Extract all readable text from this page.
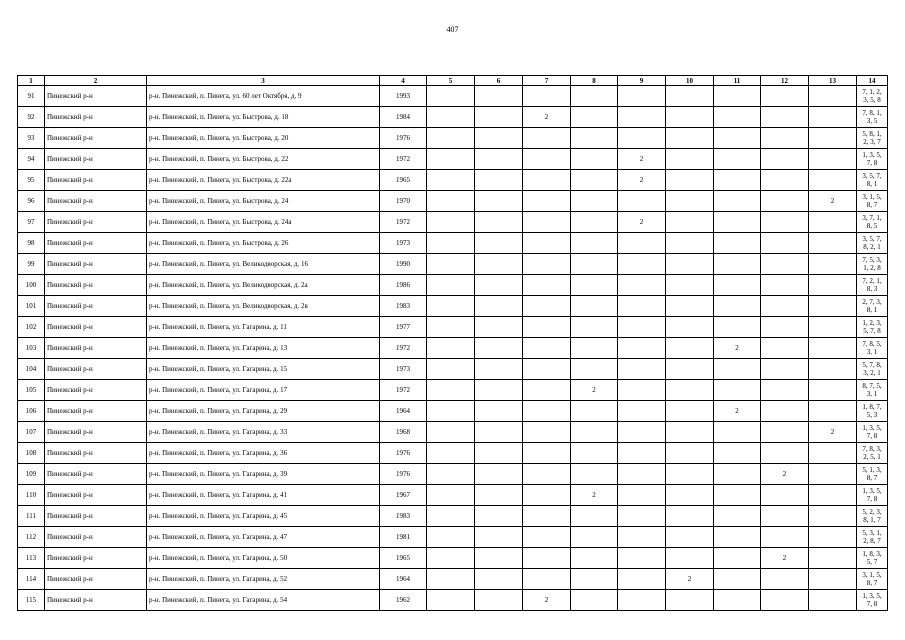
407
1	2	3	4	5	6	7	8	9	10	11	12	13	14
91	Пинежский р-н	р-н. Пинежский, п. Пинега, ул. 60 лет Октября, д. 9	1993										7, 1, 2, 3, 5, 8
92	Пинежский р-н	р-н. Пинежский, п. Пинега, ул. Быстрова, д. 18	1984			2							7, 8, 1, 3, 5
93	Пинежский р-н	р-н. Пинежский, п. Пинега, ул. Быстрова, д. 20	1976										5, 8, 1, 2, 3, 7
94	Пинежский р-н	р-н. Пинежский, п. Пинега, ул. Быстрова, д. 22	1972					2					1, 3, 5, 7, 8
95	Пинежский р-н	р-н. Пинежский, п. Пинега, ул. Быстрова, д. 22а	1965					2					3, 5, 7, 8, 1
96	Пинежский р-н	р-н. Пинежский, п. Пинега, ул. Быстрова, д. 24	1970									2	3, 1, 5, 8, 7
97	Пинежский р-н	р-н. Пинежский, п. Пинега, ул. Быстрова, д. 24а	1972					2					3, 7, 1, 8, 5
98	Пинежский р-н	р-н. Пинежский, п. Пинега, ул. Быстрова, д. 26	1973										3, 5, 7, 8, 2, 1
99	Пинежский р-н	р-н. Пинежский, п. Пинега, ул. Великодворская, д. 16	1990										7, 5, 3, 1, 2, 8
100	Пинежский р-н	р-н. Пинежский, п. Пинега, ул. Великодворская, д. 2а	1986										7, 2, 1, 8, 3
101	Пинежский р-н	р-н. Пинежский, п. Пинега, ул. Великодворская, д. 2в	1983										2, 7, 3, 8, 1
102	Пинежский р-н	р-н. Пинежский, п. Пинега, ул. Гагарина, д. 11	1977										1, 2, 3, 5, 7, 8
103	Пинежский р-н	р-н. Пинежский, п. Пинега, ул. Гагарина, д. 13	1972							2			7, 8, 5, 3, 1
104	Пинежский р-н	р-н. Пинежский, п. Пинега, ул. Гагарина, д. 15	1973										5, 7, 8, 3, 2, 1
105	Пинежский р-н	р-н. Пинежский, п. Пинега, ул. Гагарина, д. 17	1972				2						8, 7, 5, 3, 1
106	Пинежский р-н	р-н. Пинежский, п. Пинега, ул. Гагарина, д. 29	1964							2			1, 8, 7, 5, 3
107	Пинежский р-н	р-н. Пинежский, п. Пинега, ул. Гагарина, д. 33	1968									2	1, 3, 5, 7, 8
108	Пинежский р-н	р-н. Пинежский, п. Пинега, ул. Гагарина, д. 36	1976										7, 8, 3, 2, 5, 1
109	Пинежский р-н	р-н. Пинежский, п. Пинега, ул. Гагарина, д. 39	1976								2		5, 1, 3, 8, 7
110	Пинежский р-н	р-н. Пинежский, п. Пинега, ул. Гагарина, д. 41	1967				2						1, 3, 5, 7, 8
111	Пинежский р-н	р-н. Пинежский, п. Пинега, ул. Гагарина, д. 45	1983										5, 2, 3, 8, 1, 7
112	Пинежский р-н	р-н. Пинежский, п. Пинега, ул. Гагарина, д. 47	1981										5, 3, 1, 2, 8, 7
113	Пинежский р-н	р-н. Пинежский, п. Пинега, ул. Гагарина, д. 50	1965								2		1, 8, 3, 5, 7
114	Пинежский р-н	р-н. Пинежский, п. Пинега, ул. Гагарина, д. 52	1964						2				3, 1, 5, 8, 7
115	Пинежский р-н	р-н. Пинежский, п. Пинега, ул. Гагарина, д. 54	1962			2							1, 3, 5, 7, 8
